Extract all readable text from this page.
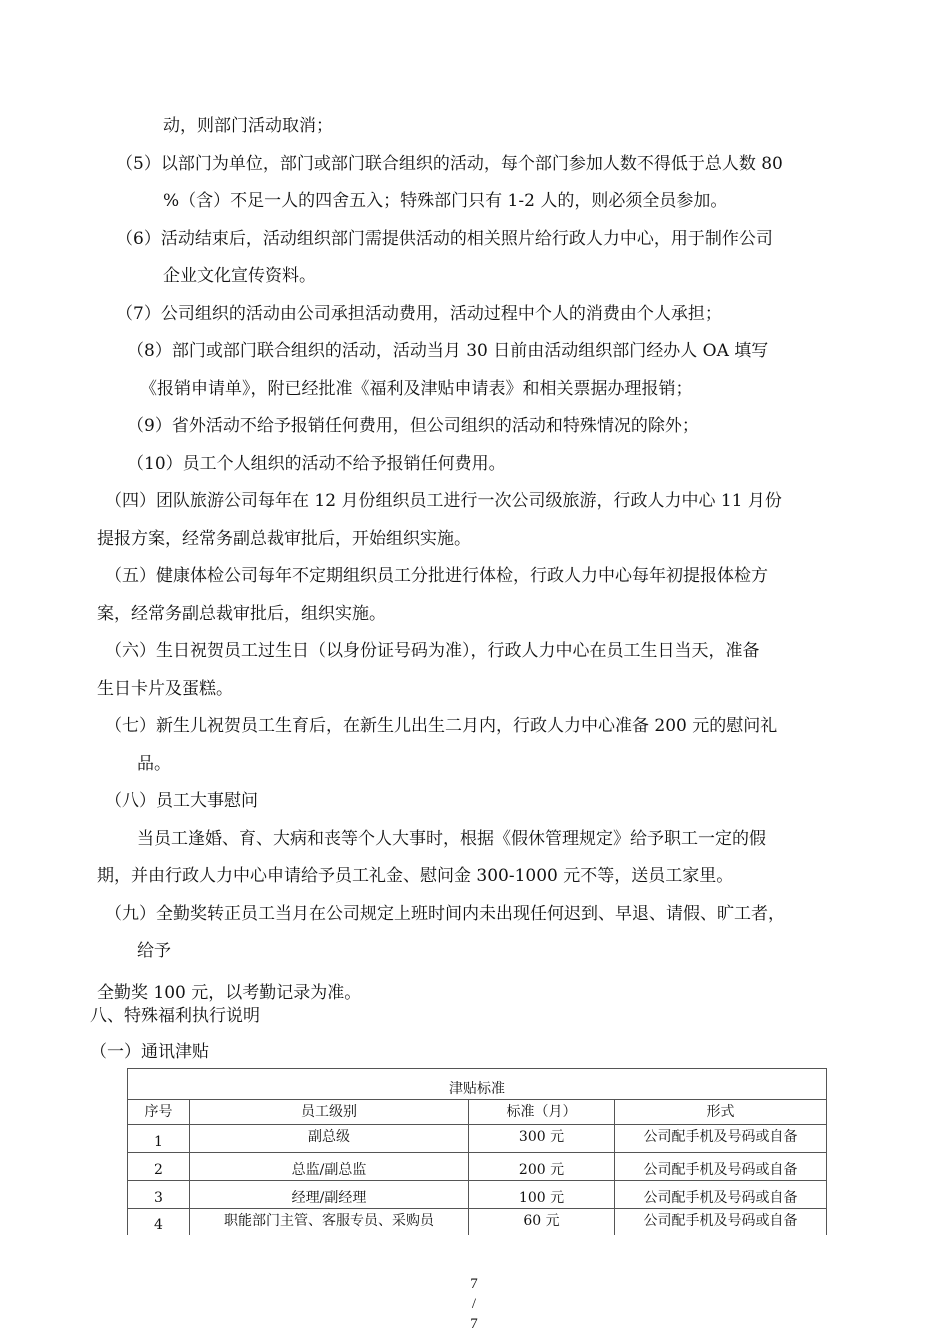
动，则部门活动取消；
（5）以部门为单位，部门或部门联合组织的活动，每个部门参加人数不得低于总人数 80
%（含）不足一人的四舍五入；特殊部门只有 1-2 人的，则必须全员参加。
（6）活动结束后，活动组织部门需提供活动的相关照片给行政人力中心，用于制作公司
企业文化宣传资料。
（7）公司组织的活动由公司承担活动费用，活动过程中个人的消费由个人承担；
（8）部门或部门联合组织的活动，活动当月 30 日前由活动组织部门经办人 OA 填写
《报销申请单》，附已经批准《福利及津贴申请表》和相关票据办理报销；
（9）省外活动不给予报销任何费用，但公司组织的活动和特殊情况的除外；
（10）员工个人组织的活动不给予报销任何费用。
（四）团队旅游公司每年在 12 月份组织员工进行一次公司级旅游，行政人力中心 11 月份
提报方案，经常务副总裁审批后，开始组织实施。
（五）健康体检公司每年不定期组织员工分批进行体检，行政人力中心每年初提报体检方
案，经常务副总裁审批后，组织实施。
（六）生日祝贺员工过生日（以身份证号码为准），行政人力中心在员工生日当天，准备
生日卡片及蛋糕。
（七）新生儿祝贺员工生育后，在新生儿出生二月内，行政人力中心准备 200 元的慰问礼
品。
（八）员工大事慰问
当员工逢婚、育、大病和丧等个人大事时，根据《假休管理规定》给予职工一定的假
期，并由行政人力中心申请给予员工礼金、慰问金 300-1000 元不等，送员工家里。
（九）全勤奖转正员工当月在公司规定上班时间内未出现任何迟到、早退、请假、旷工者，
给予
全勤奖 100 元，以考勤记录为准。
八、特殊福利执行说明
（一）通讯津贴
津贴标准			
序号	员工级别	标准（月）	形式
1	副总级	300 元	公司配手机及号码或自备
2	总监/副总监	200 元	公司配手机及号码或自备
3	经理/副经理	100 元	公司配手机及号码或自备
4	职能部门主管、客服专员、采购员	60 元	公司配手机及号码或自备
7
/
7
